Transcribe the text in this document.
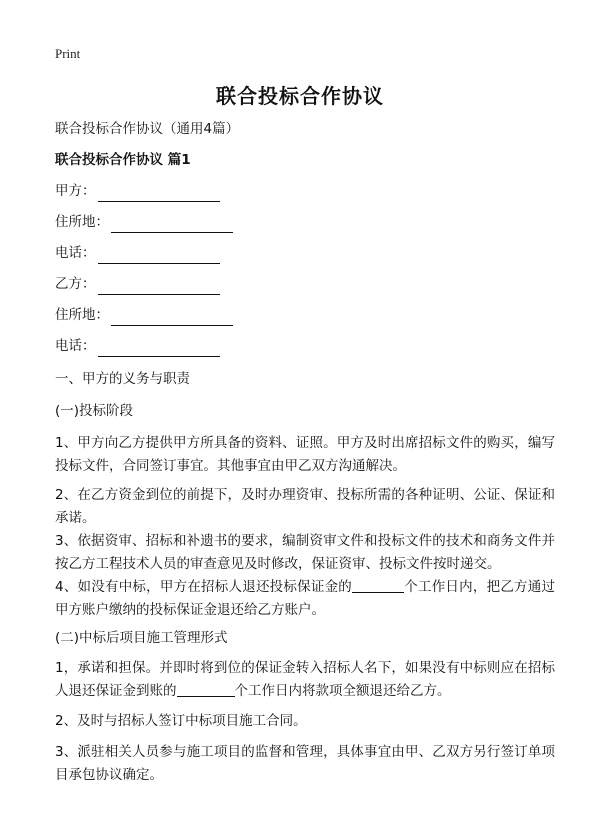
Print
联合投标合作协议
联合投标合作协议（通用4篇）
联合投标合作协议 篇1
甲方：
住所地：
电话：
乙方：
住所地：
电话：
一、甲方的义务与职责
(一)投标阶段
1、甲方向乙方提供甲方所具备的资料、证照。甲方及时出席招标文件的购买，编写投标文件，合同签订事宜。其他事宜由甲乙双方沟通解决。
2、在乙方资金到位的前提下，及时办理资审、投标所需的各种证明、公证、保证和承诺。
3、依据资审、招标和补遗书的要求，编制资审文件和投标文件的技术和商务文件并按乙方工程技术人员的审查意见及时修改，保证资审、投标文件按时递交。
4、如没有中标，甲方在招标人退还投标保证金的	个工作日内，把乙方通过甲方账户缴纳的投标保证金退还给乙方账户。
(二)中标后项目施工管理形式
1，承诺和担保。并即时将到位的保证金转入招标人名下，如果没有中标则应在招标人退还保证金到账的	个工作日内将款项全额退还给乙方。
2、及时与招标人签订中标项目施工合同。
3、派驻相关人员参与施工项目的监督和管理，具体事宜由甲、乙双方另行签订单项目承包协议确定。
